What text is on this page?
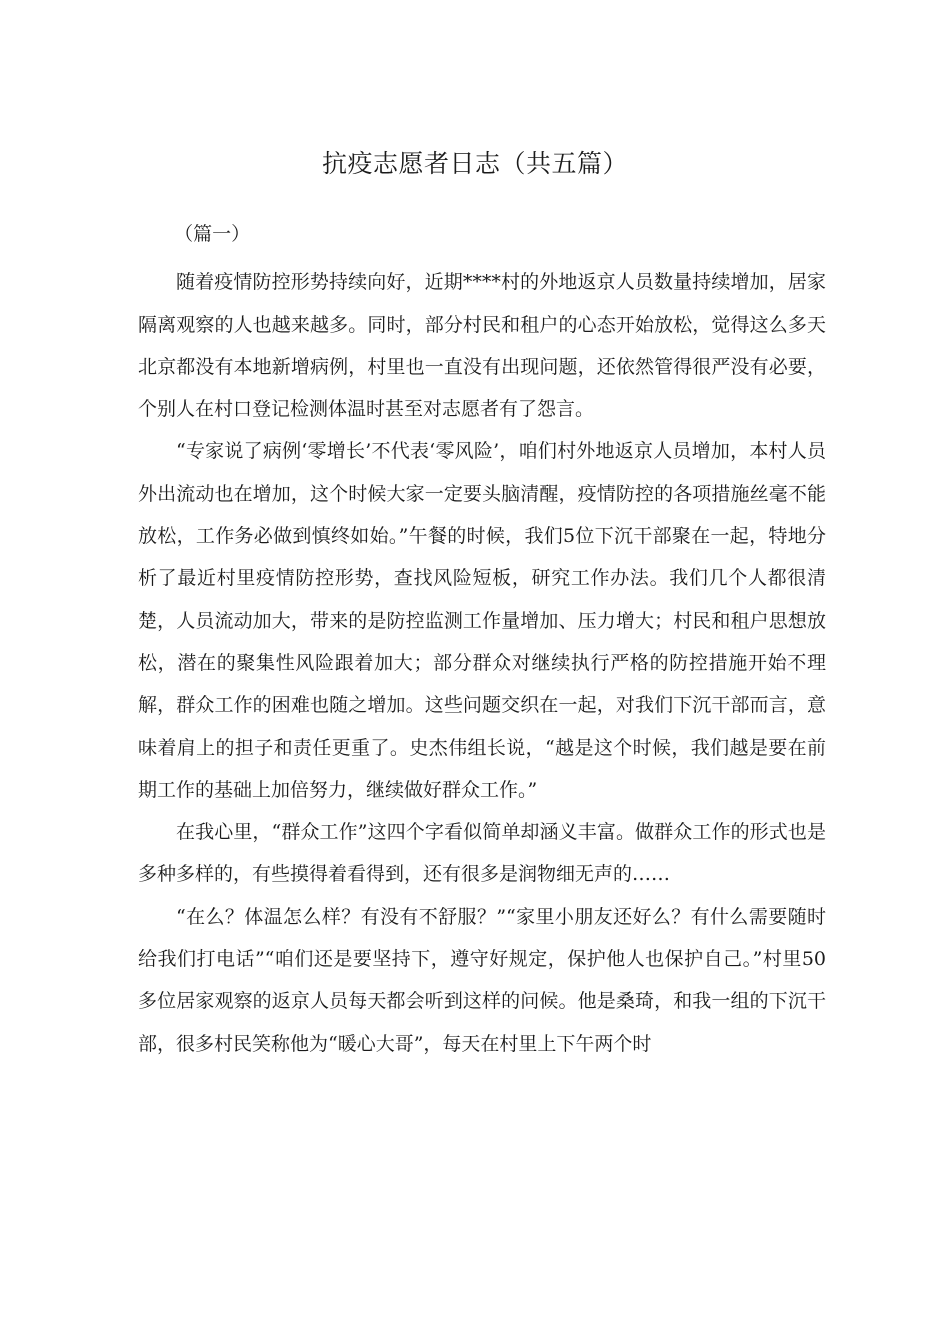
抗疫志愿者日志（共五篇）

（篇一）

随着疫情防控形势持续向好，近期****村的外地返京人员数量持续增加，居家隔离观察的人也越来越多。同时，部分村民和租户的心态开始放松，觉得这么多天北京都没有本地新增病例，村里也一直没有出现问题，还依然管得很严没有必要，个别人在村口登记检测体温时甚至对志愿者有了怨言。

“专家说了病例‘零增长’不代表‘零风险’，咱们村外地返京人员增加，本村人员外出流动也在增加，这个时候大家一定要头脑清醒，疫情防控的各项措施丝毫不能放松，工作务必做到慎终如始。”午餐的时候，我们5位下沉干部聚在一起，特地分析了最近村里疫情防控形势，查找风险短板，研究工作办法。我们几个人都很清楚，人员流动加大，带来的是防控监测工作量增加、压力增大；村民和租户思想放松，潜在的聚集性风险跟着加大；部分群众对继续执行严格的防控措施开始不理解，群众工作的困难也随之增加。这些问题交织在一起，对我们下沉干部而言，意味着肩上的担子和责任更重了。史杰伟组长说，“越是这个时候，我们越是要在前期工作的基础上加倍努力，继续做好群众工作。”

在我心里，“群众工作”这四个字看似简单却涵义丰富。做群众工作的形式也是多种多样的，有些摸得着看得到，还有很多是润物细无声的……

“在么？体温怎么样？有没有不舒服？”“家里小朋友还好么？有什么需要随时给我们打电话”“咱们还是要坚持下，遵守好规定，保护他人也保护自己。”村里50多位居家观察的返京人员每天都会听到这样的问候。他是桑琦，和我一组的下沉干部，很多村民笑称他为“暖心大哥”，每天在村里上下午两个时
